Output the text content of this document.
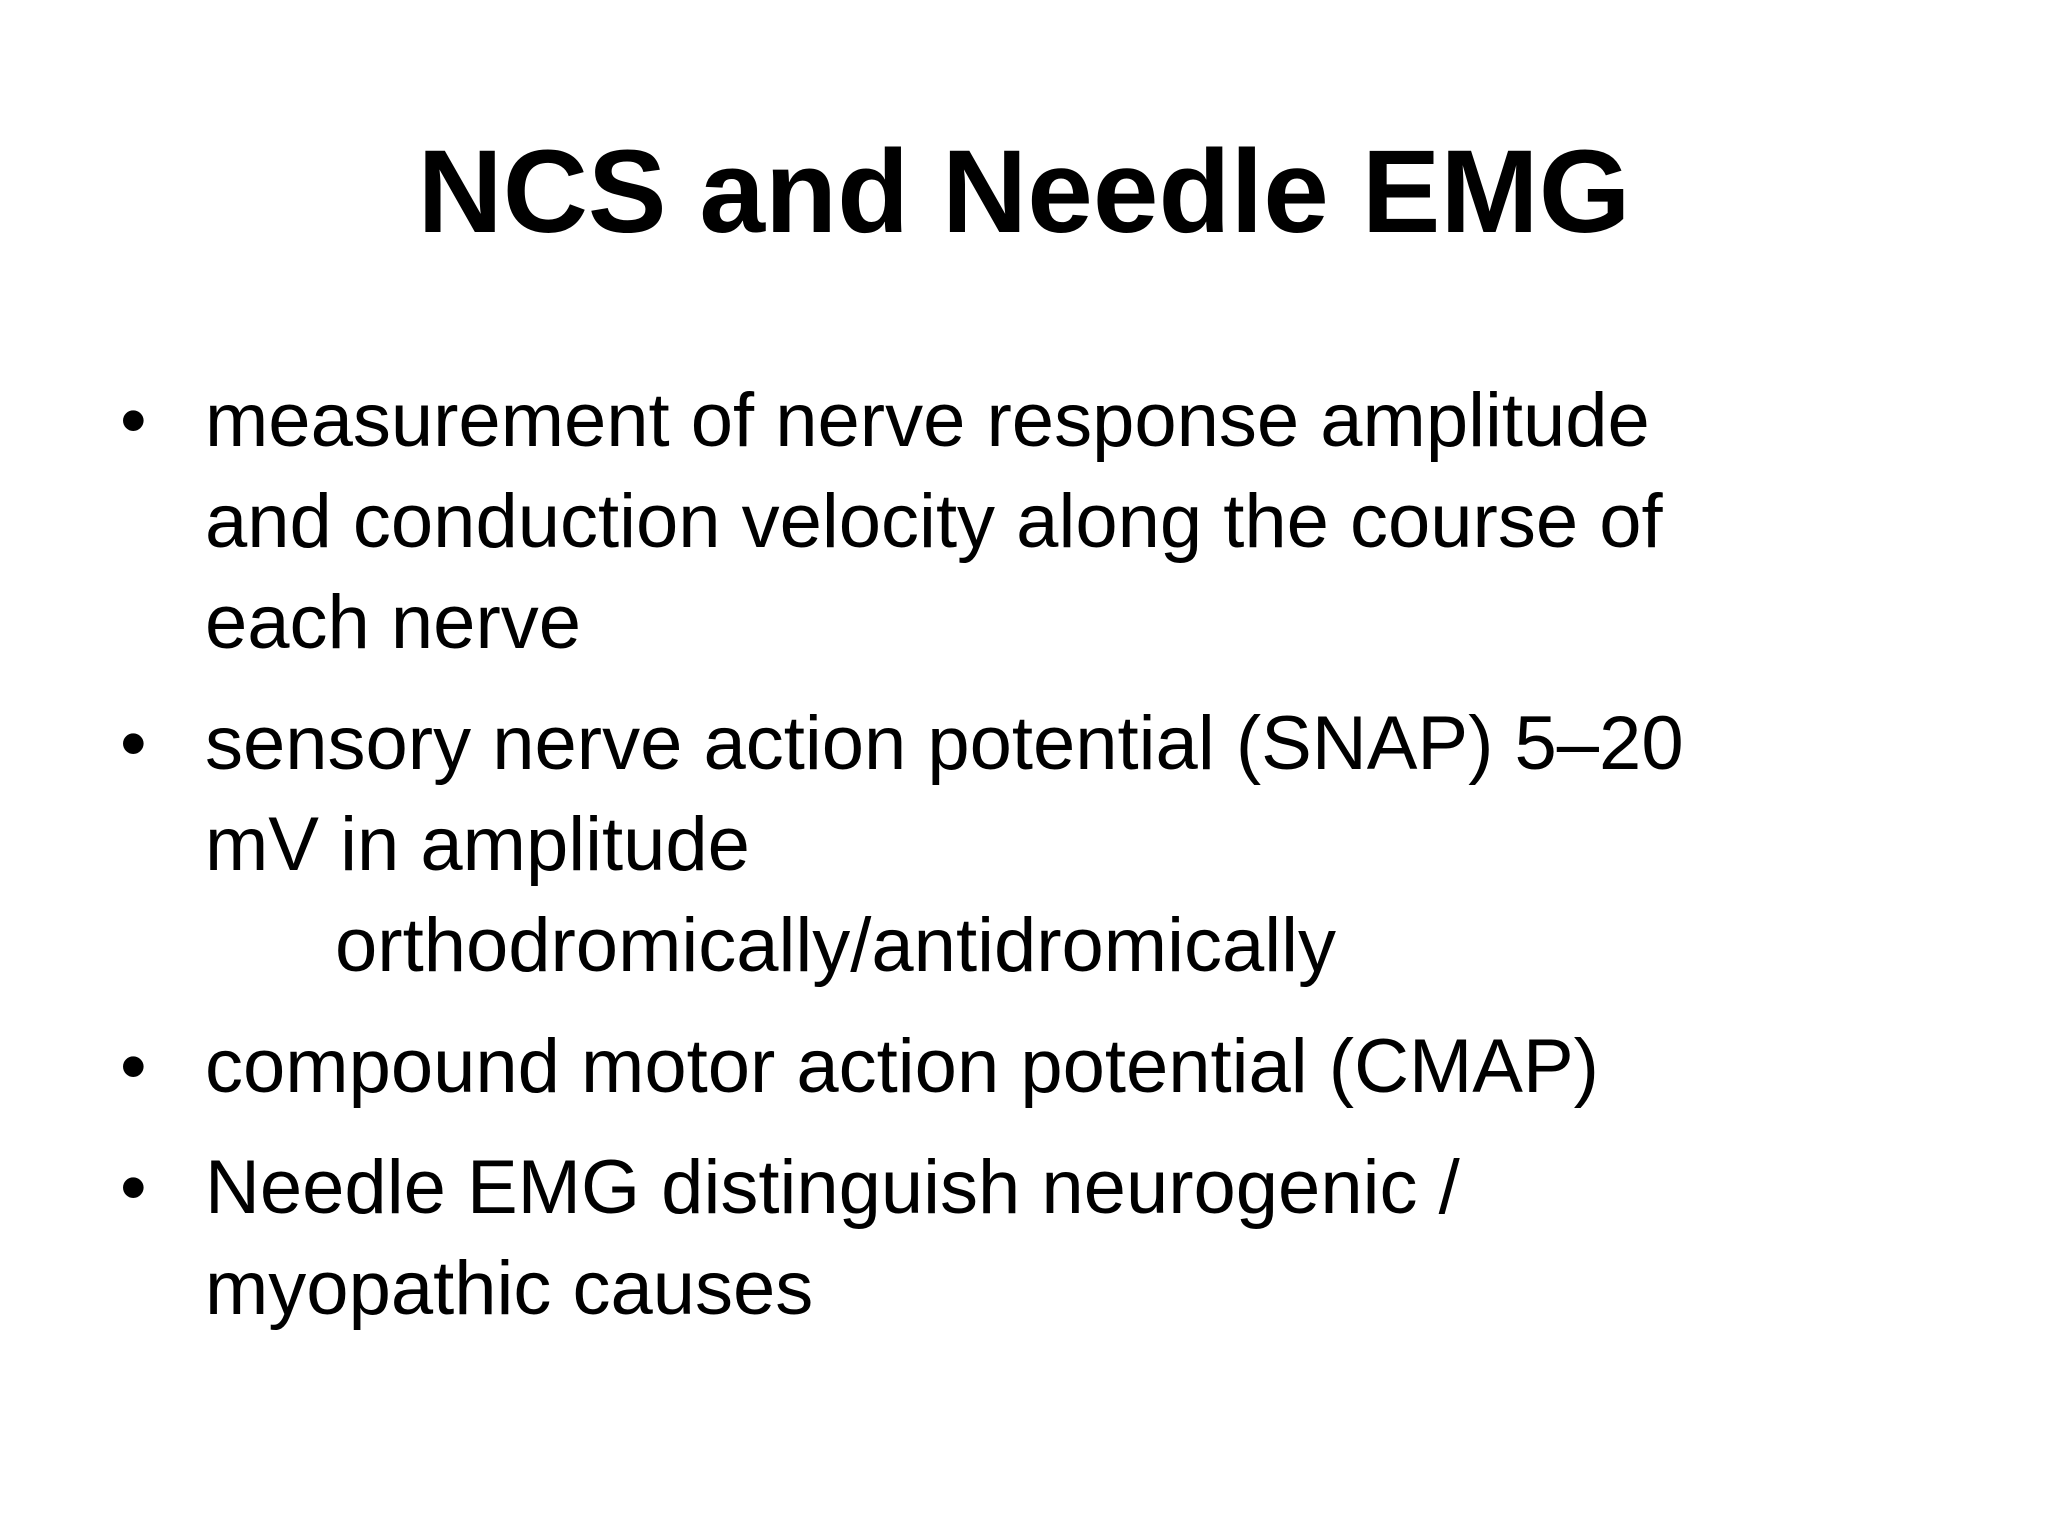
NCS and Needle EMG
• measurement of nerve response amplitude
and conduction velocity along the course of
each nerve
• sensory nerve action potential (SNAP) 5–20
mV in amplitude
orthodromically/antidromically
• compound motor action potential (CMAP)
• Needle EMG distinguish neurogenic /
myopathic causes
